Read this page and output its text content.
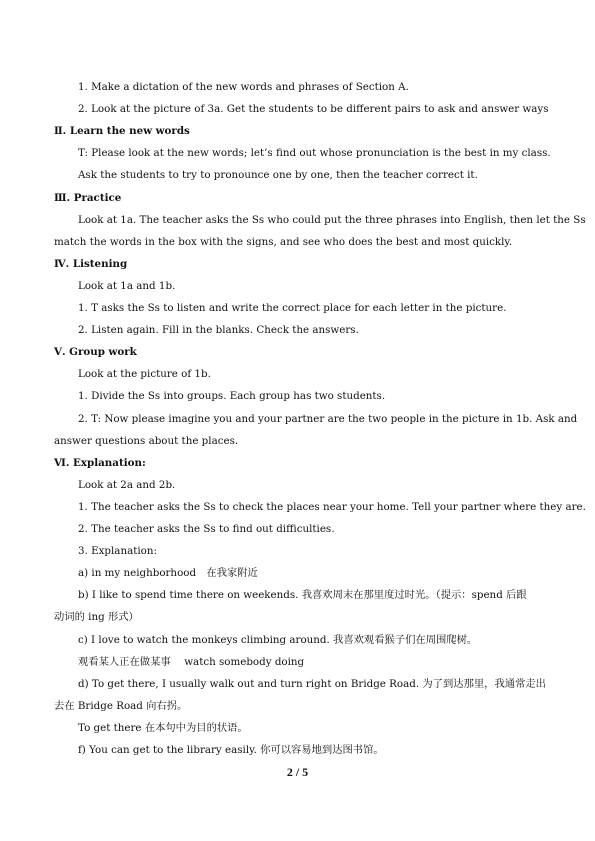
1. Make a dictation of the new words and phrases of Section A.
2. Look at the picture of 3a. Get the students to be different pairs to ask and answer ways
Ⅱ. Learn the new words
T: Please look at the new words; let’s find out whose pronunciation is the best in my class.
Ask the students to try to pronounce one by one, then the teacher correct it.
Ⅲ. Practice
Look at 1a. The teacher asks the Ss who could put the three phrases into English, then let the Ss
match the words in the box with the signs, and see who does the best and most quickly.
Ⅳ. Listening
Look at 1a and 1b.
1. T asks the Ss to listen and write the correct place for each letter in the picture.
2. Listen again. Fill in the blanks. Check the answers.
Ⅴ. Group work
Look at the picture of 1b.
1. Divide the Ss into groups. Each group has two students.
2. T: Now please imagine you and your partner are the two people in the picture in 1b. Ask and
answer questions about the places.
Ⅵ. Explanation:
Look at 2a and 2b.
1. The teacher asks the Ss to check the places near your home. Tell your partner where they are.
2. The teacher asks the Ss to find out difficulties.
3. Explanation:
a) in my neighborhood　在我家附近
b) I like to spend time there on weekends. 我喜欢周末在那里度过时光。（提示：spend 后跟
动词的 ing 形式）
c) I love to watch the monkeys climbing around. 我喜欢观看猴子们在周围爬树。
观看某人正在做某事　 watch somebody doing
d) To get there, I usually walk out and turn right on Bridge Road. 为了到达那里，我通常走出
去在 Bridge Road 向右拐。
To get there 在本句中为目的状语。
f) You can get to the library easily. 你可以容易地到达图书馆。
2 / 5
